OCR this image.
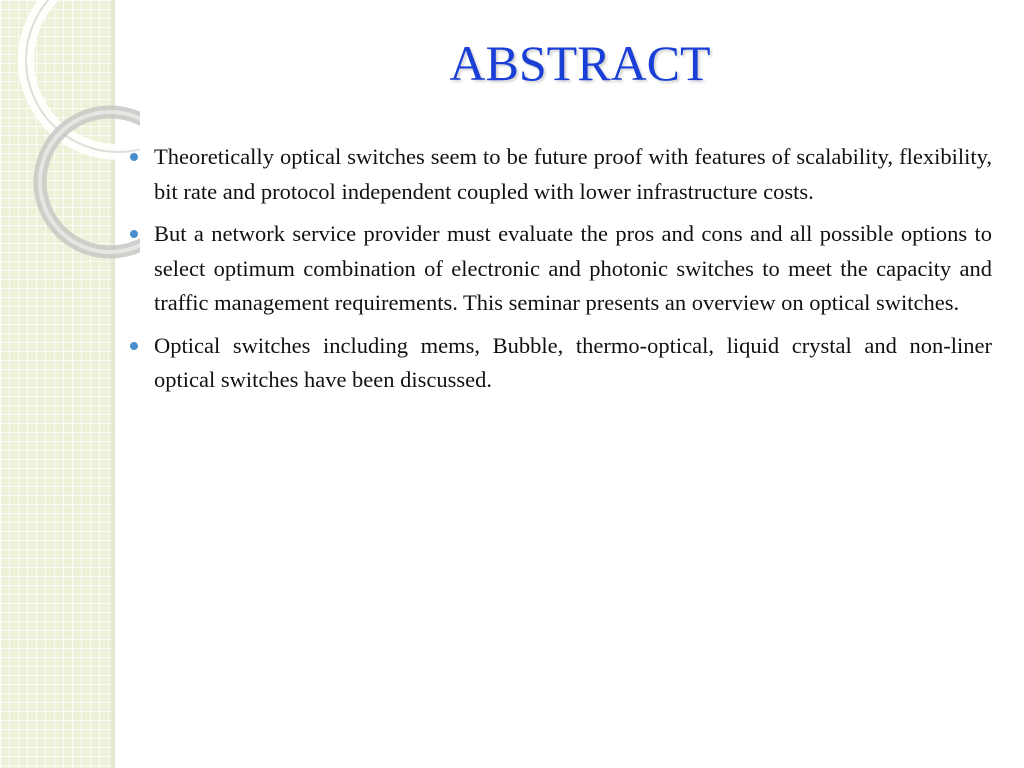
ABSTRACT
Theoretically optical switches seem to be future proof with features of scalability, flexibility, bit rate and protocol independent coupled with lower infrastructure costs.
But a network service provider must evaluate the pros and cons and all possible options to select optimum combination of electronic and photonic switches to meet the capacity and traffic management requirements. This seminar presents an overview on optical switches.
Optical switches including mems, Bubble, thermo-optical, liquid crystal and non-liner optical switches have been discussed.
